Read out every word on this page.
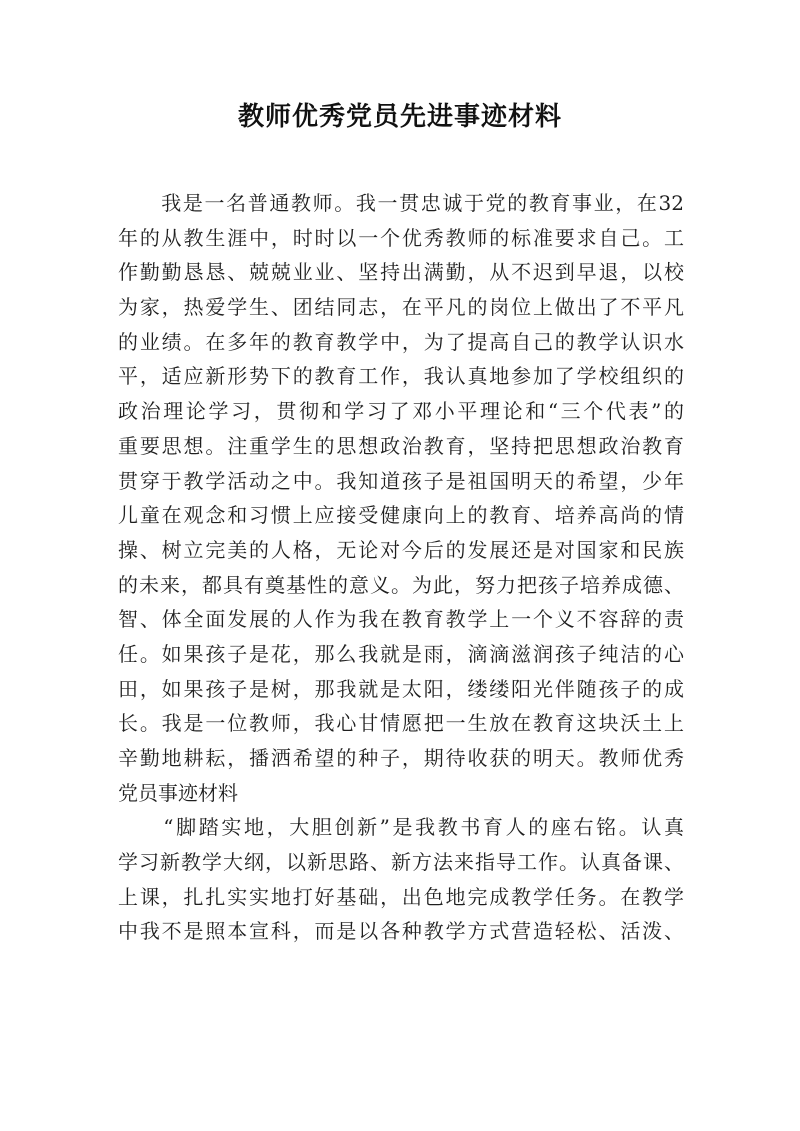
教师优秀党员先进事迹材料
　　我是一名普通教师。我一贯忠诚于党的教育事业，在32
年的从教生涯中，时时以一个优秀教师的标准要求自己。工
作勤勤恳恳、兢兢业业、坚持出满勤，从不迟到早退，以校
为家，热爱学生、团结同志，在平凡的岗位上做出了不平凡
的业绩。在多年的教育教学中，为了提高自己的教学认识水
平，适应新形势下的教育工作，我认真地参加了学校组织的
政治理论学习，贯彻和学习了邓小平理论和“三个代表”的
重要思想。注重学生的思想政治教育，坚持把思想政治教育
贯穿于教学活动之中。我知道孩子是祖国明天的希望，少年
儿童在观念和习惯上应接受健康向上的教育、培养高尚的情
操、树立完美的人格，无论对今后的发展还是对国家和民族
的未来，都具有奠基性的意义。为此，努力把孩子培养成德、
智、体全面发展的人作为我在教育教学上一个义不容辞的责
任。如果孩子是花，那么我就是雨，滴滴滋润孩子纯洁的心
田，如果孩子是树，那我就是太阳，缕缕阳光伴随孩子的成
长。我是一位教师，我心甘情愿把一生放在教育这块沃土上
辛勤地耕耘，播洒希望的种子，期待收获的明天。教师优秀
党员事迹材料
　　“脚踏实地，大胆创新”是我教书育人的座右铭。认真
学习新教学大纲，以新思路、新方法来指导工作。认真备课、
上课，扎扎实实地打好基础，出色地完成教学任务。在教学
中我不是照本宣科，而是以各种教学方式营造轻松、活泼、
